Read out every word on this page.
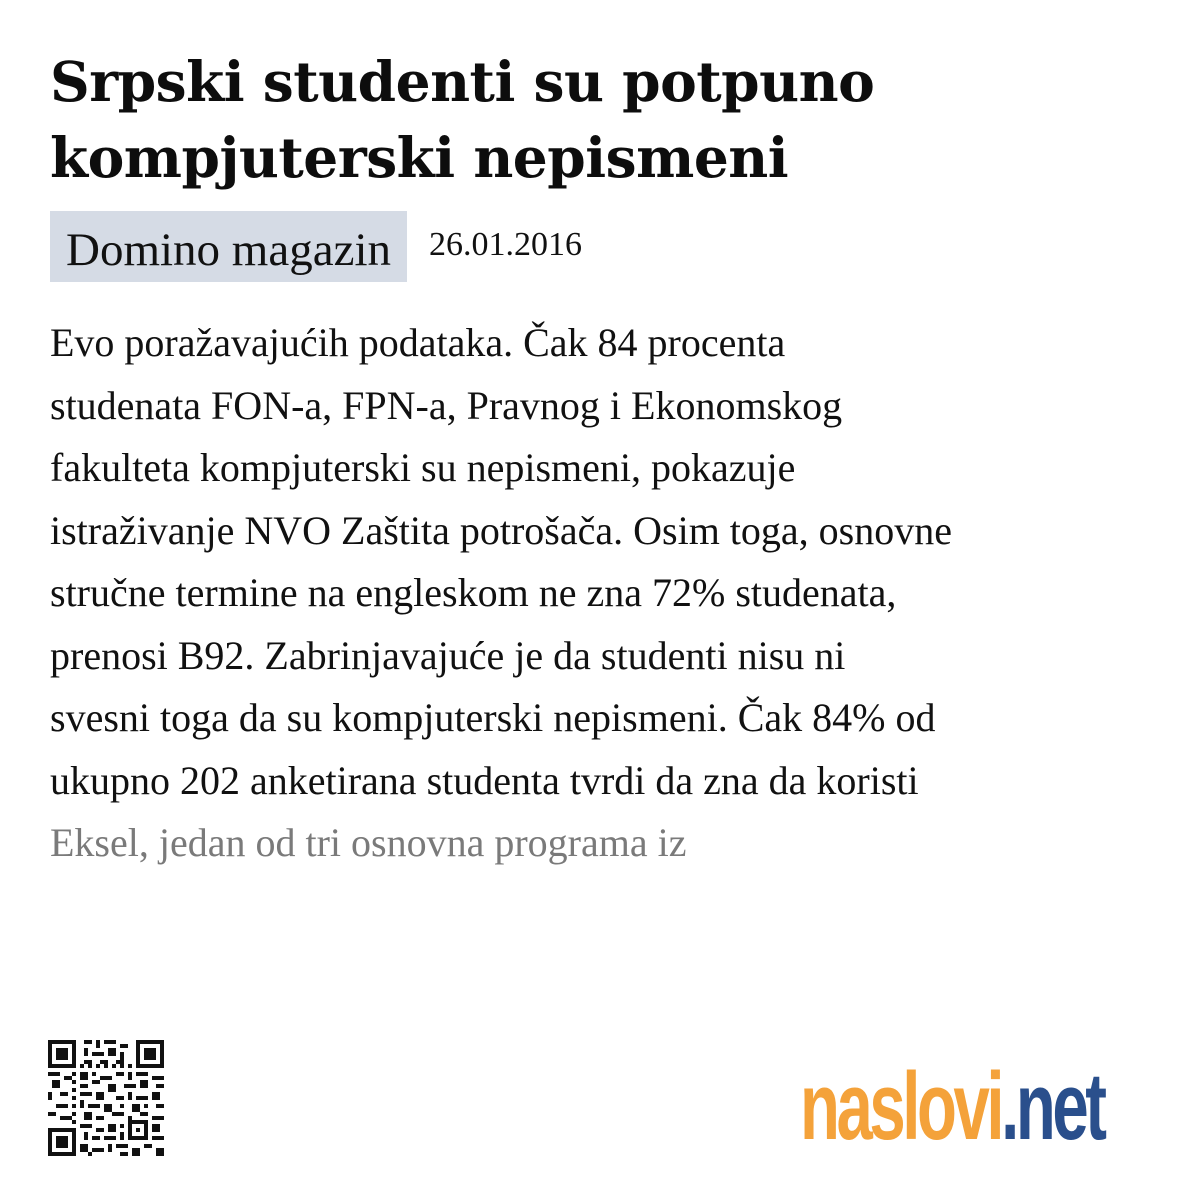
Srpski studenti su potpuno kompjuterski nepismeni
Domino magazin	26.01.2016
Evo poražavajućih podataka. Čak 84 procenta
studenata FON-a, FPN-a, Pravnog i Ekonomskog
fakulteta kompjuterski su nepismeni, pokazuje
istraživanje NVO Zaštita potrošača. Osim toga, osnovne
stručne termine na engleskom ne zna 72% studenata,
prenosi B92. Zabrinjavajuće je da studenti nisu ni
svesni toga da su kompjuterski nepismeni. Čak 84% od
ukupno 202 anketirana studenta tvrdi da zna da koristi
Eksel, jedan od tri osnovna programa iz
naslovi.net
